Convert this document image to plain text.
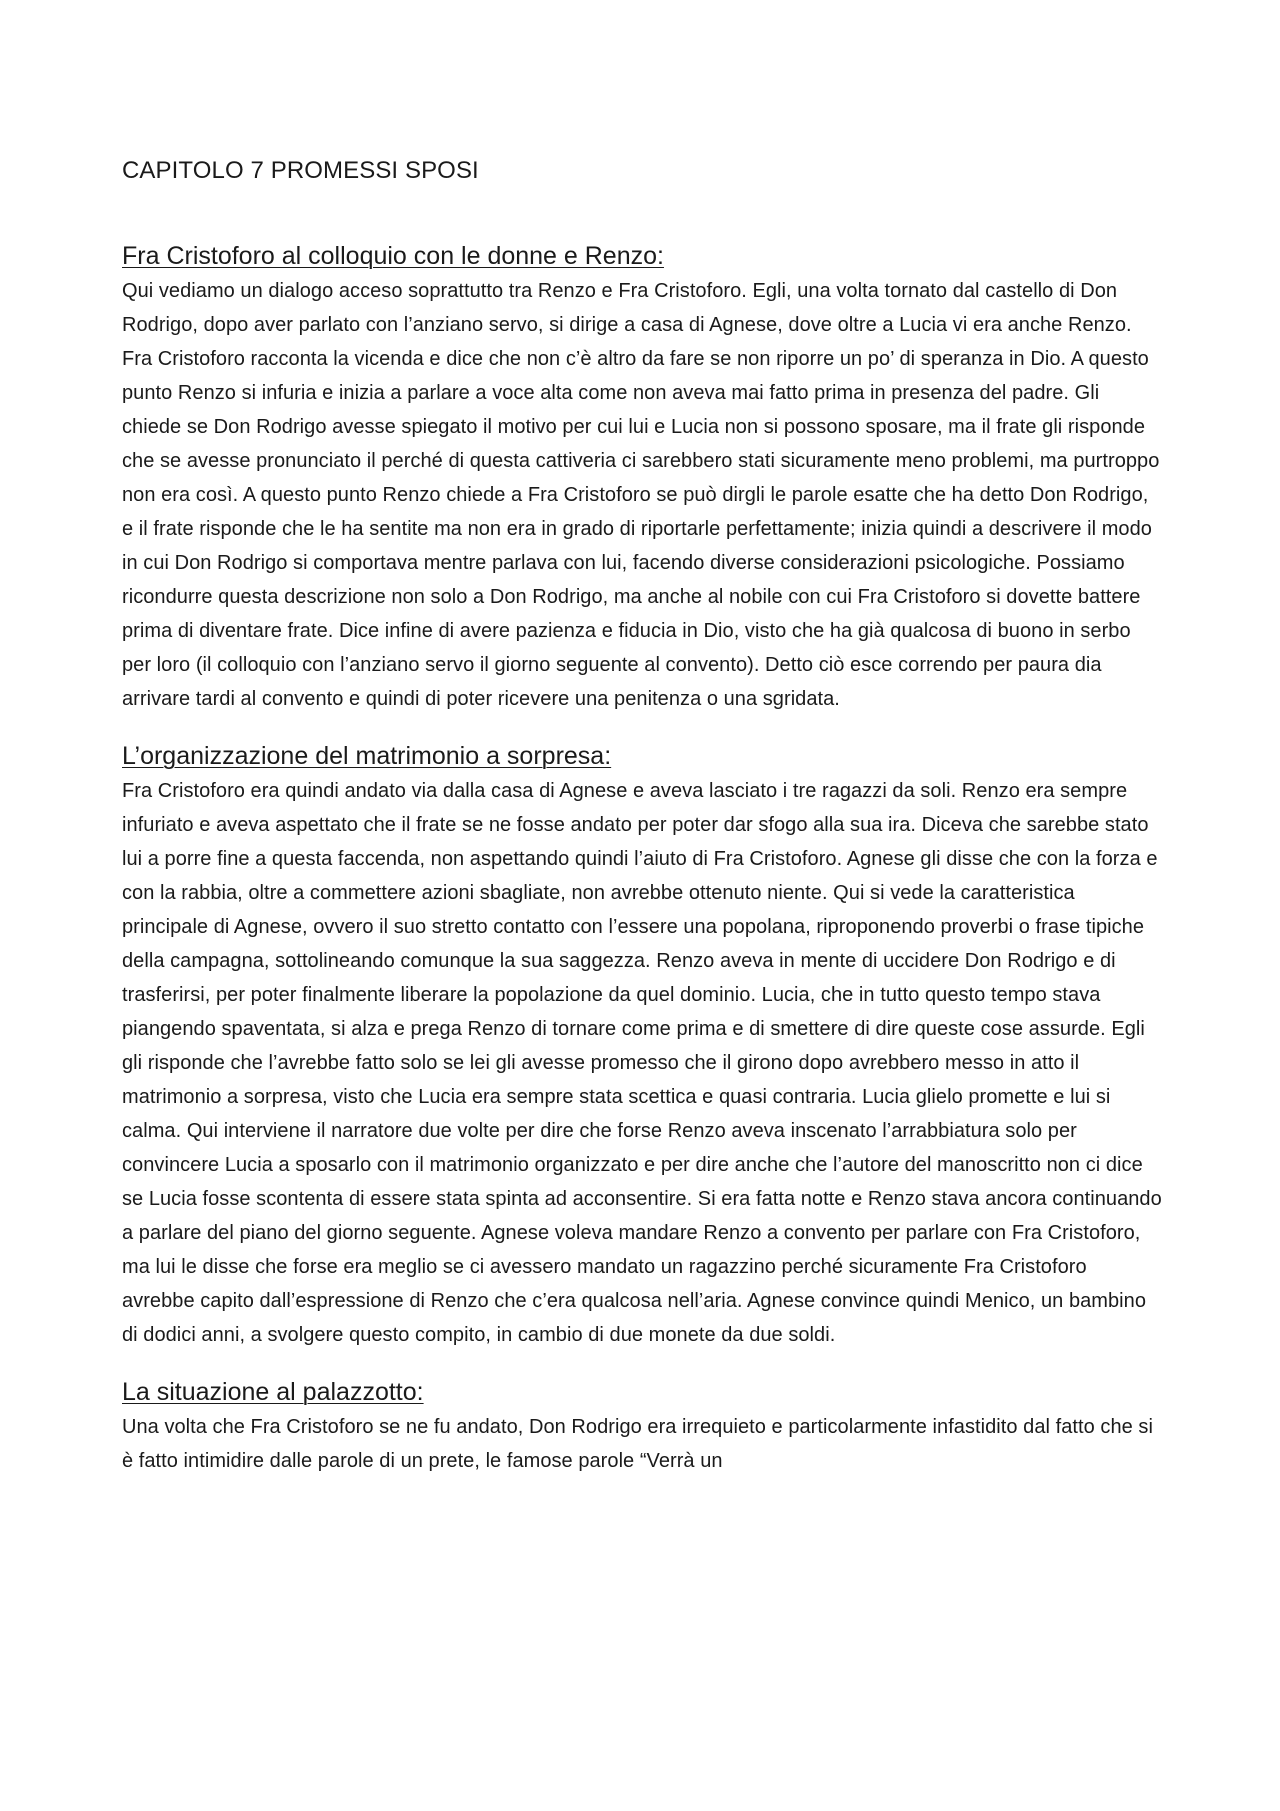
CAPITOLO 7 PROMESSI SPOSI
Fra Cristoforo al colloquio con le donne e Renzo:

Qui vediamo un dialogo acceso soprattutto tra Renzo e Fra Cristoforo. Egli, una volta tornato dal castello di Don Rodrigo, dopo aver parlato con l’anziano servo, si dirige a casa di Agnese, dove oltre a Lucia vi era anche Renzo. Fra Cristoforo racconta la vicenda e dice che non c’è altro da fare se non riporre un po’ di speranza in Dio. A questo punto Renzo si infuria e inizia a parlare a voce alta come non aveva mai fatto prima in presenza del padre. Gli chiede se Don Rodrigo avesse spiegato il motivo per cui lui e Lucia non si possono sposare, ma il frate gli risponde che se avesse pronunciato il perché di questa cattiveria ci sarebbero stati sicuramente meno problemi, ma purtroppo non era così. A questo punto Renzo chiede a Fra Cristoforo se può dirgli le parole esatte che ha detto Don Rodrigo, e il frate risponde che le ha sentite ma non era in grado di riportarle perfettamente; inizia quindi a descrivere il modo in cui Don Rodrigo si comportava mentre parlava con lui, facendo diverse considerazioni psicologiche. Possiamo ricondurre questa descrizione non solo a Don Rodrigo, ma anche al nobile con cui Fra Cristoforo si dovette battere prima di diventare frate. Dice infine di avere pazienza e fiducia in Dio, visto che ha già qualcosa di buono in serbo per loro (il colloquio con l’anziano servo il giorno seguente al convento). Detto ciò esce correndo per paura dia arrivare tardi al convento e quindi di poter ricevere una penitenza o una sgridata.

L’organizzazione del matrimonio a sorpresa:

Fra Cristoforo era quindi andato via dalla casa di Agnese e aveva lasciato i tre ragazzi da soli. Renzo era sempre infuriato e aveva aspettato che il frate se ne fosse andato per poter dar sfogo alla sua ira. Diceva che sarebbe stato lui a porre fine a questa faccenda, non aspettando quindi l’aiuto di Fra Cristoforo. Agnese gli disse che con la forza e con la rabbia, oltre a commettere azioni sbagliate, non avrebbe ottenuto niente. Qui si vede la caratteristica principale di Agnese, ovvero il suo stretto contatto con l’essere una popolana, riproponendo proverbi o frase tipiche della campagna, sottolineando comunque la sua saggezza. Renzo aveva in mente di uccidere Don Rodrigo e di trasferirsi, per poter finalmente liberare la popolazione da quel dominio. Lucia, che in tutto questo tempo stava piangendo spaventata, si alza e prega Renzo di tornare come prima e di smettere di dire queste cose assurde. Egli gli risponde che l’avrebbe fatto solo se lei gli avesse promesso che il girono dopo avrebbero messo in atto il matrimonio a sorpresa, visto che Lucia era sempre stata scettica e quasi contraria. Lucia glielo promette e lui si calma. Qui interviene il narratore due volte per dire che forse Renzo aveva inscenato l’arrabbiatura solo per convincere Lucia a sposarlo con il matrimonio organizzato e per dire anche che l’autore del manoscritto non ci dice se Lucia fosse scontenta di essere stata spinta ad acconsentire. Si era fatta notte e Renzo stava ancora continuando a parlare del piano del giorno seguente. Agnese voleva mandare Renzo a convento per parlare con Fra Cristoforo, ma lui le disse che forse era meglio se ci avessero mandato un ragazzino perché sicuramente Fra Cristoforo avrebbe capito dall’espressione di Renzo che c’era qualcosa nell’aria. Agnese convince quindi Menico, un bambino di dodici anni, a svolgere questo compito, in cambio di due monete da due soldi.

La situazione al palazzotto:

Una volta che Fra Cristoforo se ne fu andato, Don Rodrigo era irrequieto e particolarmente infastidito dal fatto che si è fatto intimidire dalle parole di un prete, le famose parole “Verrà un
